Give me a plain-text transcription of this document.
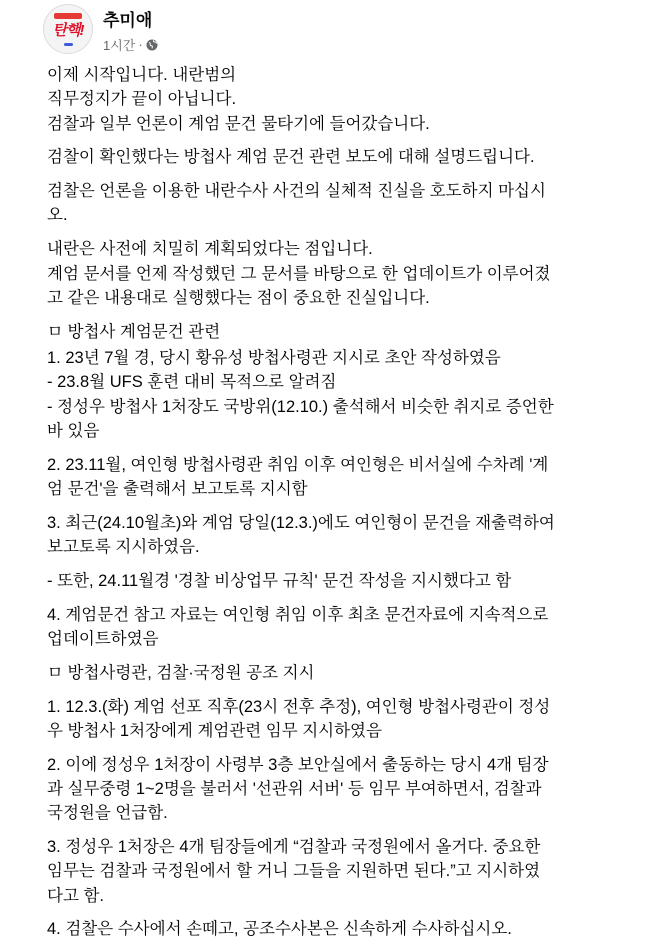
탄핵!
추미애
1시간 ·
이제 시작입니다. 내란범의
직무정지가 끝이 아닙니다.
검찰과 일부 언론이 계엄 문건 물타기에 들어갔습니다.
검찰이 확인했다는 방첩사 계엄 문건 관련 보도에 대해 설명드립니다.
검찰은 언론을 이용한 내란수사 사건의 실체적 진실을 호도하지 마십시
오.
내란은 사전에 치밀히 계획되었다는 점입니다.
계엄 문서를 언제 작성했던 그 문서를 바탕으로 한 업데이트가 이루어졌
고 같은 내용대로 실행했다는 점이 중요한 진실입니다.
ㅁ 방첩사 계엄문건 관련
1. 23년 7월 경, 당시 황유성 방첩사령관 지시로 초안 작성하였음
- 23.8월 UFS 훈련 대비 목적으로 알려짐
- 정성우 방첩사 1처장도 국방위(12.10.) 출석해서 비슷한 취지로 증언한
바 있음
2. 23.11월, 여인형 방첩사령관 취임 이후 여인형은 비서실에 수차례 '계
엄 문건'을 출력해서 보고토록 지시함
3. 최근(24.10월초)와 계엄 당일(12.3.)에도 여인형이 문건을 재출력하여
보고토록 지시하였음.
- 또한, 24.11월경 '경찰 비상업무 규칙' 문건 작성을 지시했다고 함
4. 계엄문건 참고 자료는 여인형 취임 이후 최초 문건자료에 지속적으로
업데이트하였음
ㅁ 방첩사령관, 검찰·국정원 공조 지시
1. 12.3.(화) 계엄 선포 직후(23시 전후 추정), 여인형 방첩사령관이 정성
우 방첩사 1처장에게 계엄관련 임무 지시하였음
2. 이에 정성우 1처장이 사령부 3층 보안실에서 출동하는 당시 4개 팀장
과 실무중령 1~2명을 불러서 '선관위 서버' 등 임무 부여하면서, 검찰과
국정원을 언급함.
3. 정성우 1처장은 4개 팀장들에게 “검찰과 국정원에서 올거다. 중요한
임무는 검찰과 국정원에서 할 거니 그들을 지원하면 된다.”고 지시하였
다고 함.
4. 검찰은 수사에서 손떼고, 공조수사본은 신속하게 수사하십시오.
